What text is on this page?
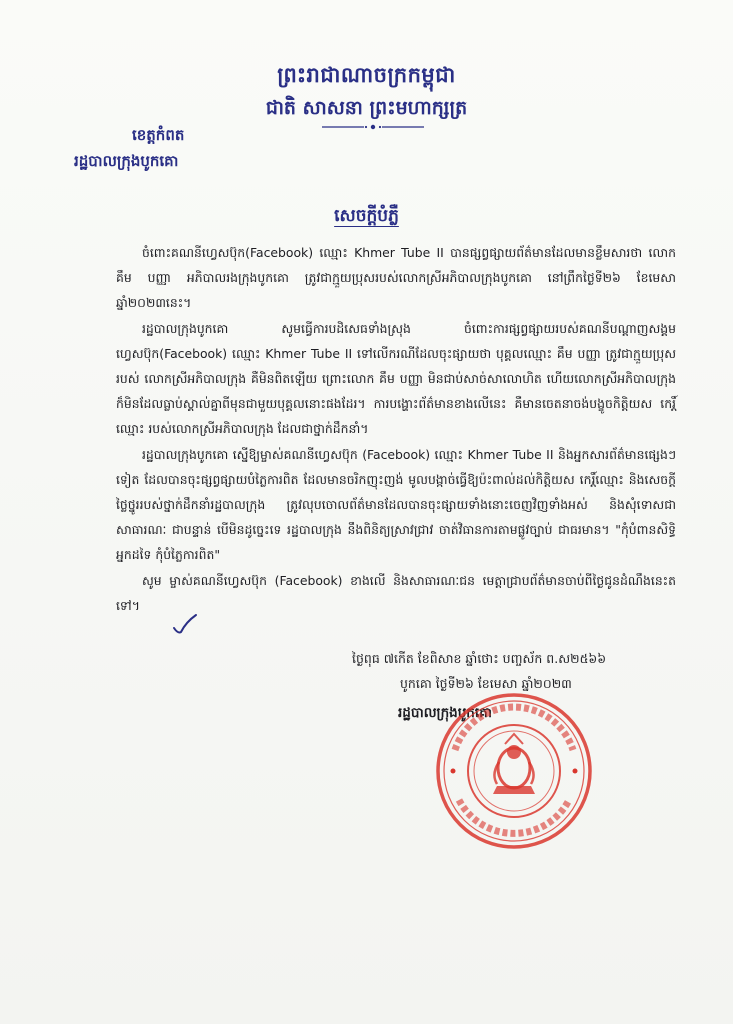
ព្រះរាជាណាចក្រកម្ពុជា
ជាតិ សាសនា ព្រះមហាក្សត្រ
ខេត្តកំពត
រដ្ឋបាលក្រុងបូកគោ
សេចក្តីបំភ្លឺ

ចំពោះគណនីហ្វេសប៊ុក(Facebook) ឈ្មោះ Khmer Tube II បានផ្សព្វផ្សាយព័ត៌មានដែលមានខ្លឹមសារថា លោក គឹម បញ្ញា អភិបាលរងក្រុងបូកគោ ត្រូវជាក្មួយប្រុសរបស់លោកស្រីអភិបាលក្រុងបូកគោ នៅព្រឹកថ្ងៃទី២៦ ខែមេសា ឆ្នាំ២០២៣នេះ។

រដ្ឋបាលក្រុងបូកគោ សូមធ្វើការបដិសេធទាំងស្រុង ចំពោះការផ្សព្វផ្សាយរបស់គណនីបណ្តាញសង្គមហ្វេសប៊ុក(Facebook) ឈ្មោះ Khmer Tube II ទៅលើករណីដែលចុះផ្សាយថា បុគ្គលឈ្មោះ គឹម បញ្ញា ត្រូវជាក្មួយប្រុសរបស់ លោកស្រីអភិបាលក្រុង គឺមិនពិតឡើយ ព្រោះលោក គឹម បញ្ញា មិនជាប់សាច់សាលោហិត ហើយលោកស្រីអភិបាលក្រុងក៏មិនដែលធ្លាប់ស្គាល់គ្នាពីមុនជាមួយបុគ្គលនោះផងដែរ។ ការបង្ហោះព័ត៌មានខាងលើនេះ គឺមានចេតនាចង់បង្ខូចកិត្តិយស កេរ្តិ៍ឈ្មោះ របស់លោកស្រីអភិបាលក្រុង ដែលជាថ្នាក់ដឹកនាំ។

រដ្ឋបាលក្រុងបូកគោ ស្នើឱ្យម្ចាស់គណនីហ្វេសប៊ុក (Facebook) ឈ្មោះ Khmer Tube II និងអ្នកសារព័ត៌មានផ្សេងៗទៀត ដែលបានចុះផ្សព្វផ្សាយបំភ្លៃការពិត ដែលមានចរិកញុះញង់ មូលបង្កាច់ធ្វើឱ្យប៉ះពាល់ដល់កិត្តិយស កេរ្តិ៍ឈ្មោះ និងសេចក្តីថ្លៃថ្នូររបស់ថ្នាក់ដឹកនាំរដ្ឋបាលក្រុង ត្រូវលុបចោលព័ត៌មានដែលបានចុះផ្សាយទាំងនោះចេញវិញទាំងអស់ និងសុំទោសជាសាធារណៈ ជាបន្ទាន់ បើមិនដូច្នេះទេ រដ្ឋបាលក្រុង នឹងពិនិត្យស្រាវជ្រាវ ចាត់វិធានការតាមផ្លូវច្បាប់ ជាធរមាន។ "កុំបំពានសិទ្ធិអ្នកដទៃ កុំបំភ្លៃការពិត"

សូម ម្ចាស់គណនីហ្វេសប៊ុក (Facebook) ខាងលើ និងសាធារណៈជន មេត្តាជ្រាបព័ត៌មានចាប់ពីថ្ងៃជូនដំណឹងនេះតទៅ។

ថ្ងៃពុធ ៧កើត ខែពិសាខ ឆ្នាំថោះ បញ្ចស័ក ព.ស២៥៦៦
បូកគោ ថ្ងៃទី២៦ ខែមេសា ឆ្នាំ២០២៣
រដ្ឋបាលក្រុងបូកគោ
